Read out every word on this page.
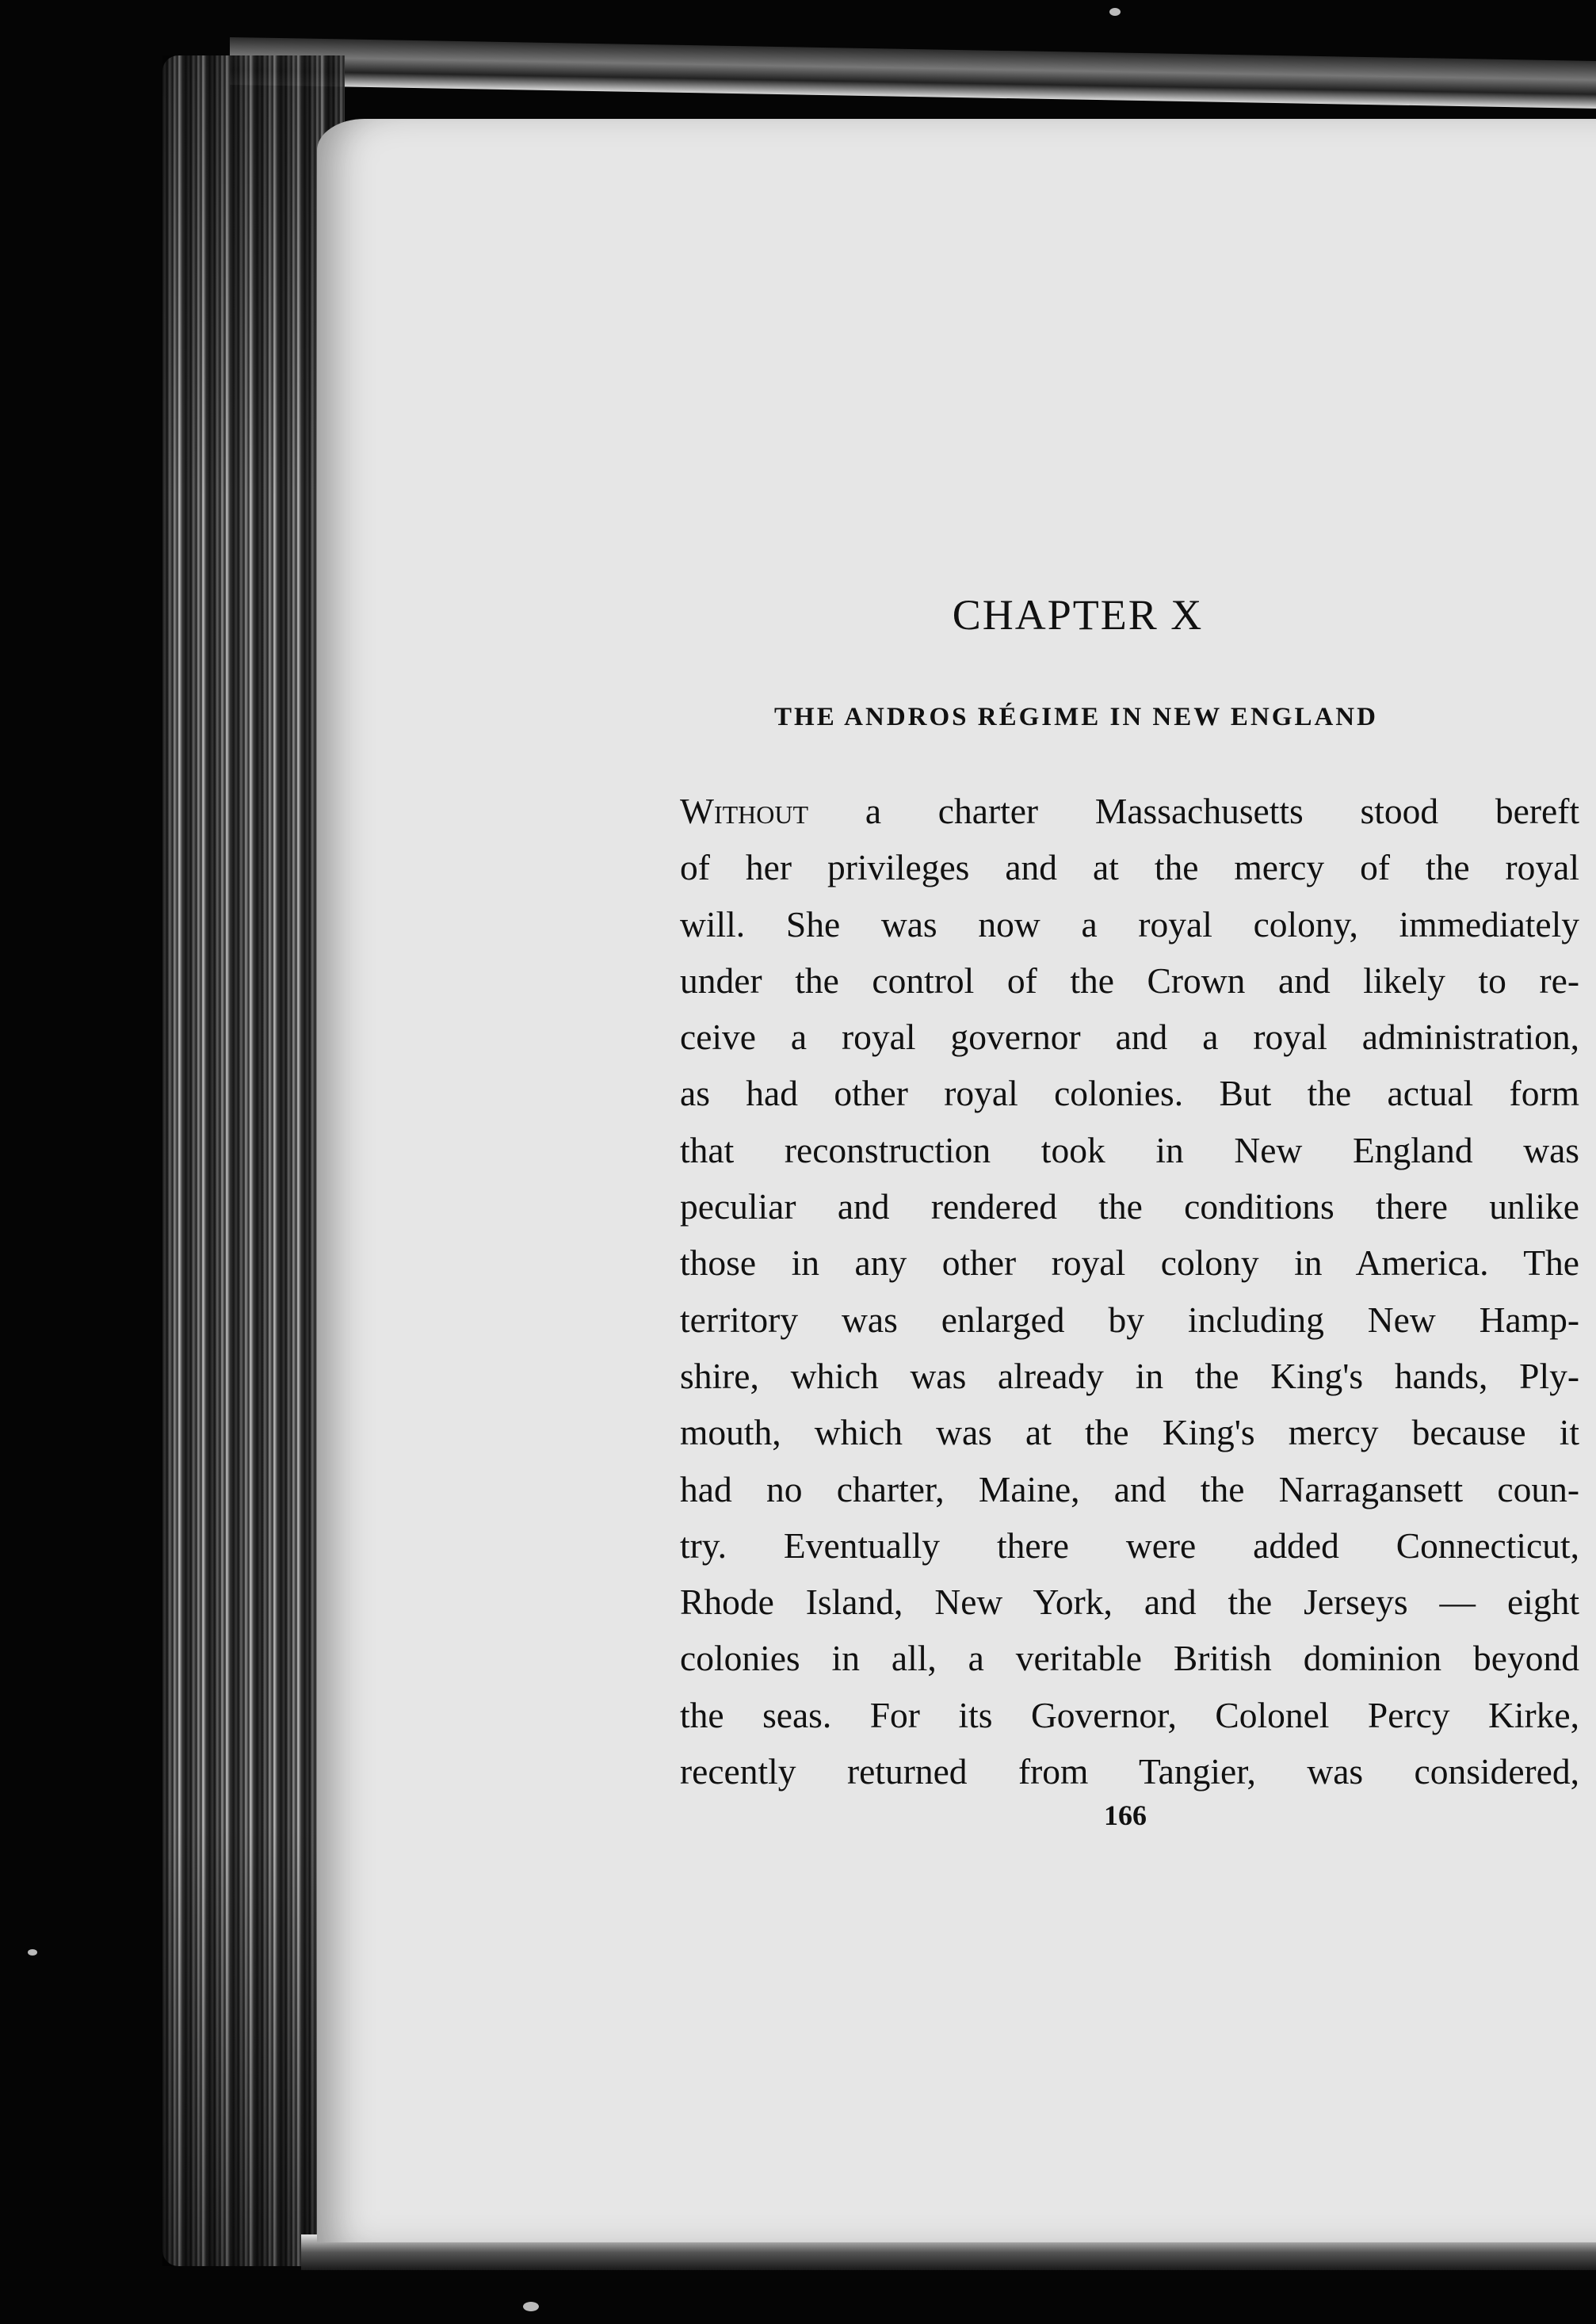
CHAPTER X
THE ANDROS RÉGIME IN NEW ENGLAND
Without a charter Massachusetts stood bereft
of her privileges and at the mercy of the royal
will. She was now a royal colony, immediately
under the control of the Crown and likely to re-
ceive a royal governor and a royal administration,
as had other royal colonies. But the actual form
that reconstruction took in New England was
peculiar and rendered the conditions there unlike
those in any other royal colony in America. The
territory was enlarged by including New Hamp-
shire, which was already in the King's hands, Ply-
mouth, which was at the King's mercy because it
had no charter, Maine, and the Narragansett coun-
try. Eventually there were added Connecticut,
Rhode Island, New York, and the Jerseys — eight
colonies in all, a veritable British dominion beyond
the seas. For its Governor, Colonel Percy Kirke,
recently returned from Tangier, was considered,
166
